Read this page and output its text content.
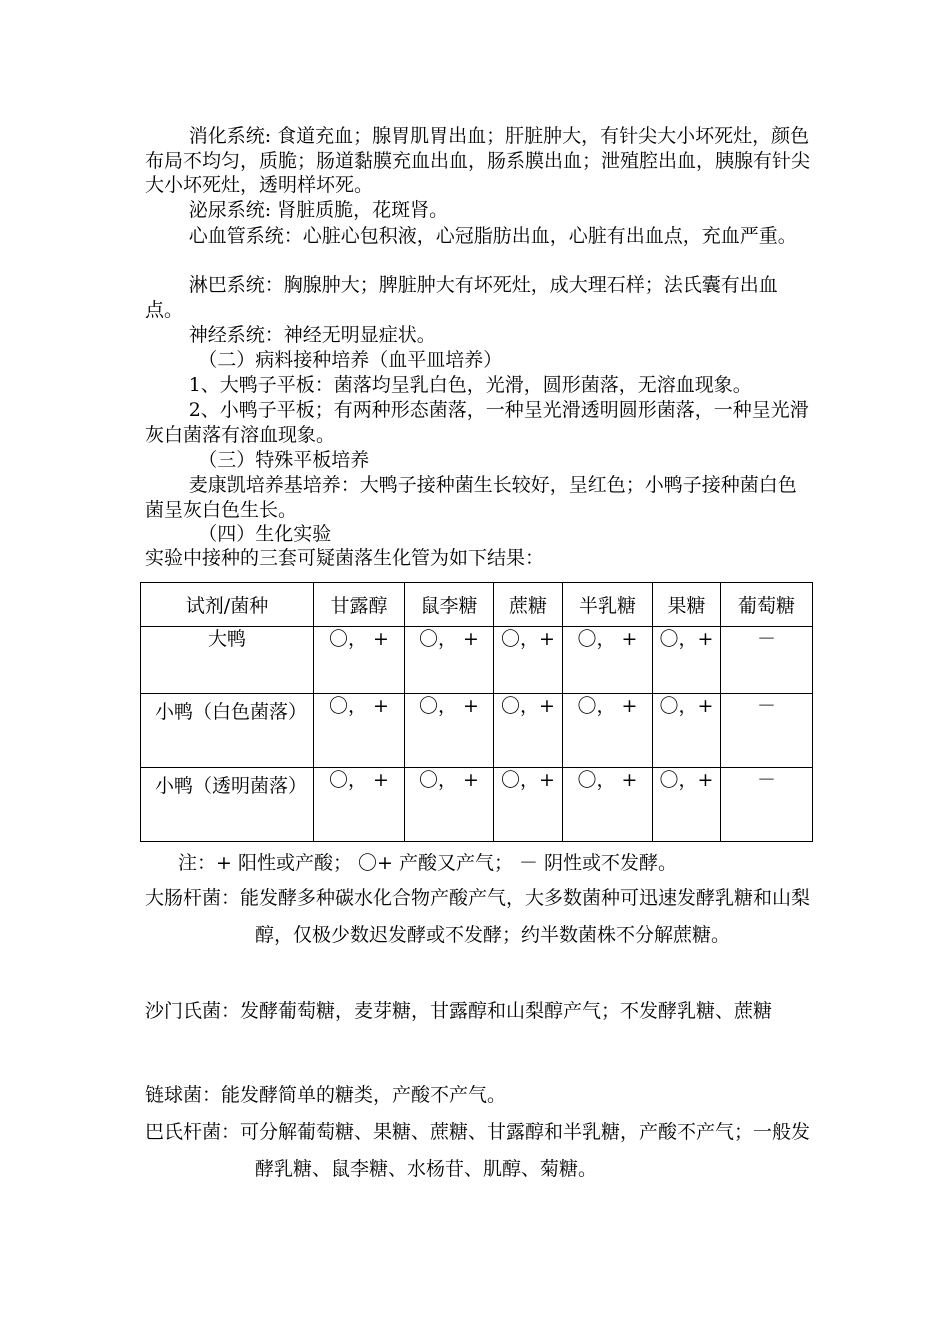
消化系统: 食道充血；腺胃肌胃出血；肝脏肿大，有针尖大小坏死灶，颜色布局不均匀，质脆；肠道黏膜充血出血，肠系膜出血；泄殖腔出血，胰腺有针尖大小坏死灶，透明样坏死。

泌尿系统: 肾脏质脆，花斑肾。

心血管系统：心脏心包积液，心冠脂肪出血，心脏有出血点，充血严重。

淋巴系统：胸腺肿大；脾脏肿大有坏死灶，成大理石样；法氏囊有出血点。

神经系统：神经无明显症状。

（二）病料接种培养（血平皿培养）

1、大鸭子平板：菌落均呈乳白色，光滑，圆形菌落，无溶血现象。

2、小鸭子平板；有两种形态菌落，一种呈光滑透明圆形菌落，一种呈光滑灰白菌落有溶血现象。

（三）特殊平板培养

麦康凯培养基培养：大鸭子接种菌生长较好，呈红色；小鸭子接种菌白色菌呈灰白色生长。

（四）生化实验

实验中接种的三套可疑菌落生化管为如下结果：

试剂/菌种	甘露醇	鼠李糖	蔗糖	半乳糖	果糖	葡萄糖
大鸭	〇， +	〇， +	〇，+	〇， +	〇，+	－

小鸭（白色菌落）	〇， +	〇， +	〇，+	〇， +	〇，+	－

小鸭（透明菌落）	〇， +	〇， +	〇，+	〇， +	〇，+	－
注：+ 阳性或产酸； 〇+ 产酸又产气； － 阴性或不发酵。

大肠杆菌：能发酵多种碳水化合物产酸产气，大多数菌种可迅速发酵乳糖和山梨醇，仅极少数迟发酵或不发酵；约半数菌株不分解蔗糖。

沙门氏菌：发酵葡萄糖，麦芽糖，甘露醇和山梨醇产气；不发酵乳糖、蔗糖

链球菌：能发酵简单的糖类，产酸不产气。

巴氏杆菌：可分解葡萄糖、果糖、蔗糖、甘露醇和半乳糖，产酸不产气；一般发酵乳糖、鼠李糖、水杨苷、肌醇、菊糖。
